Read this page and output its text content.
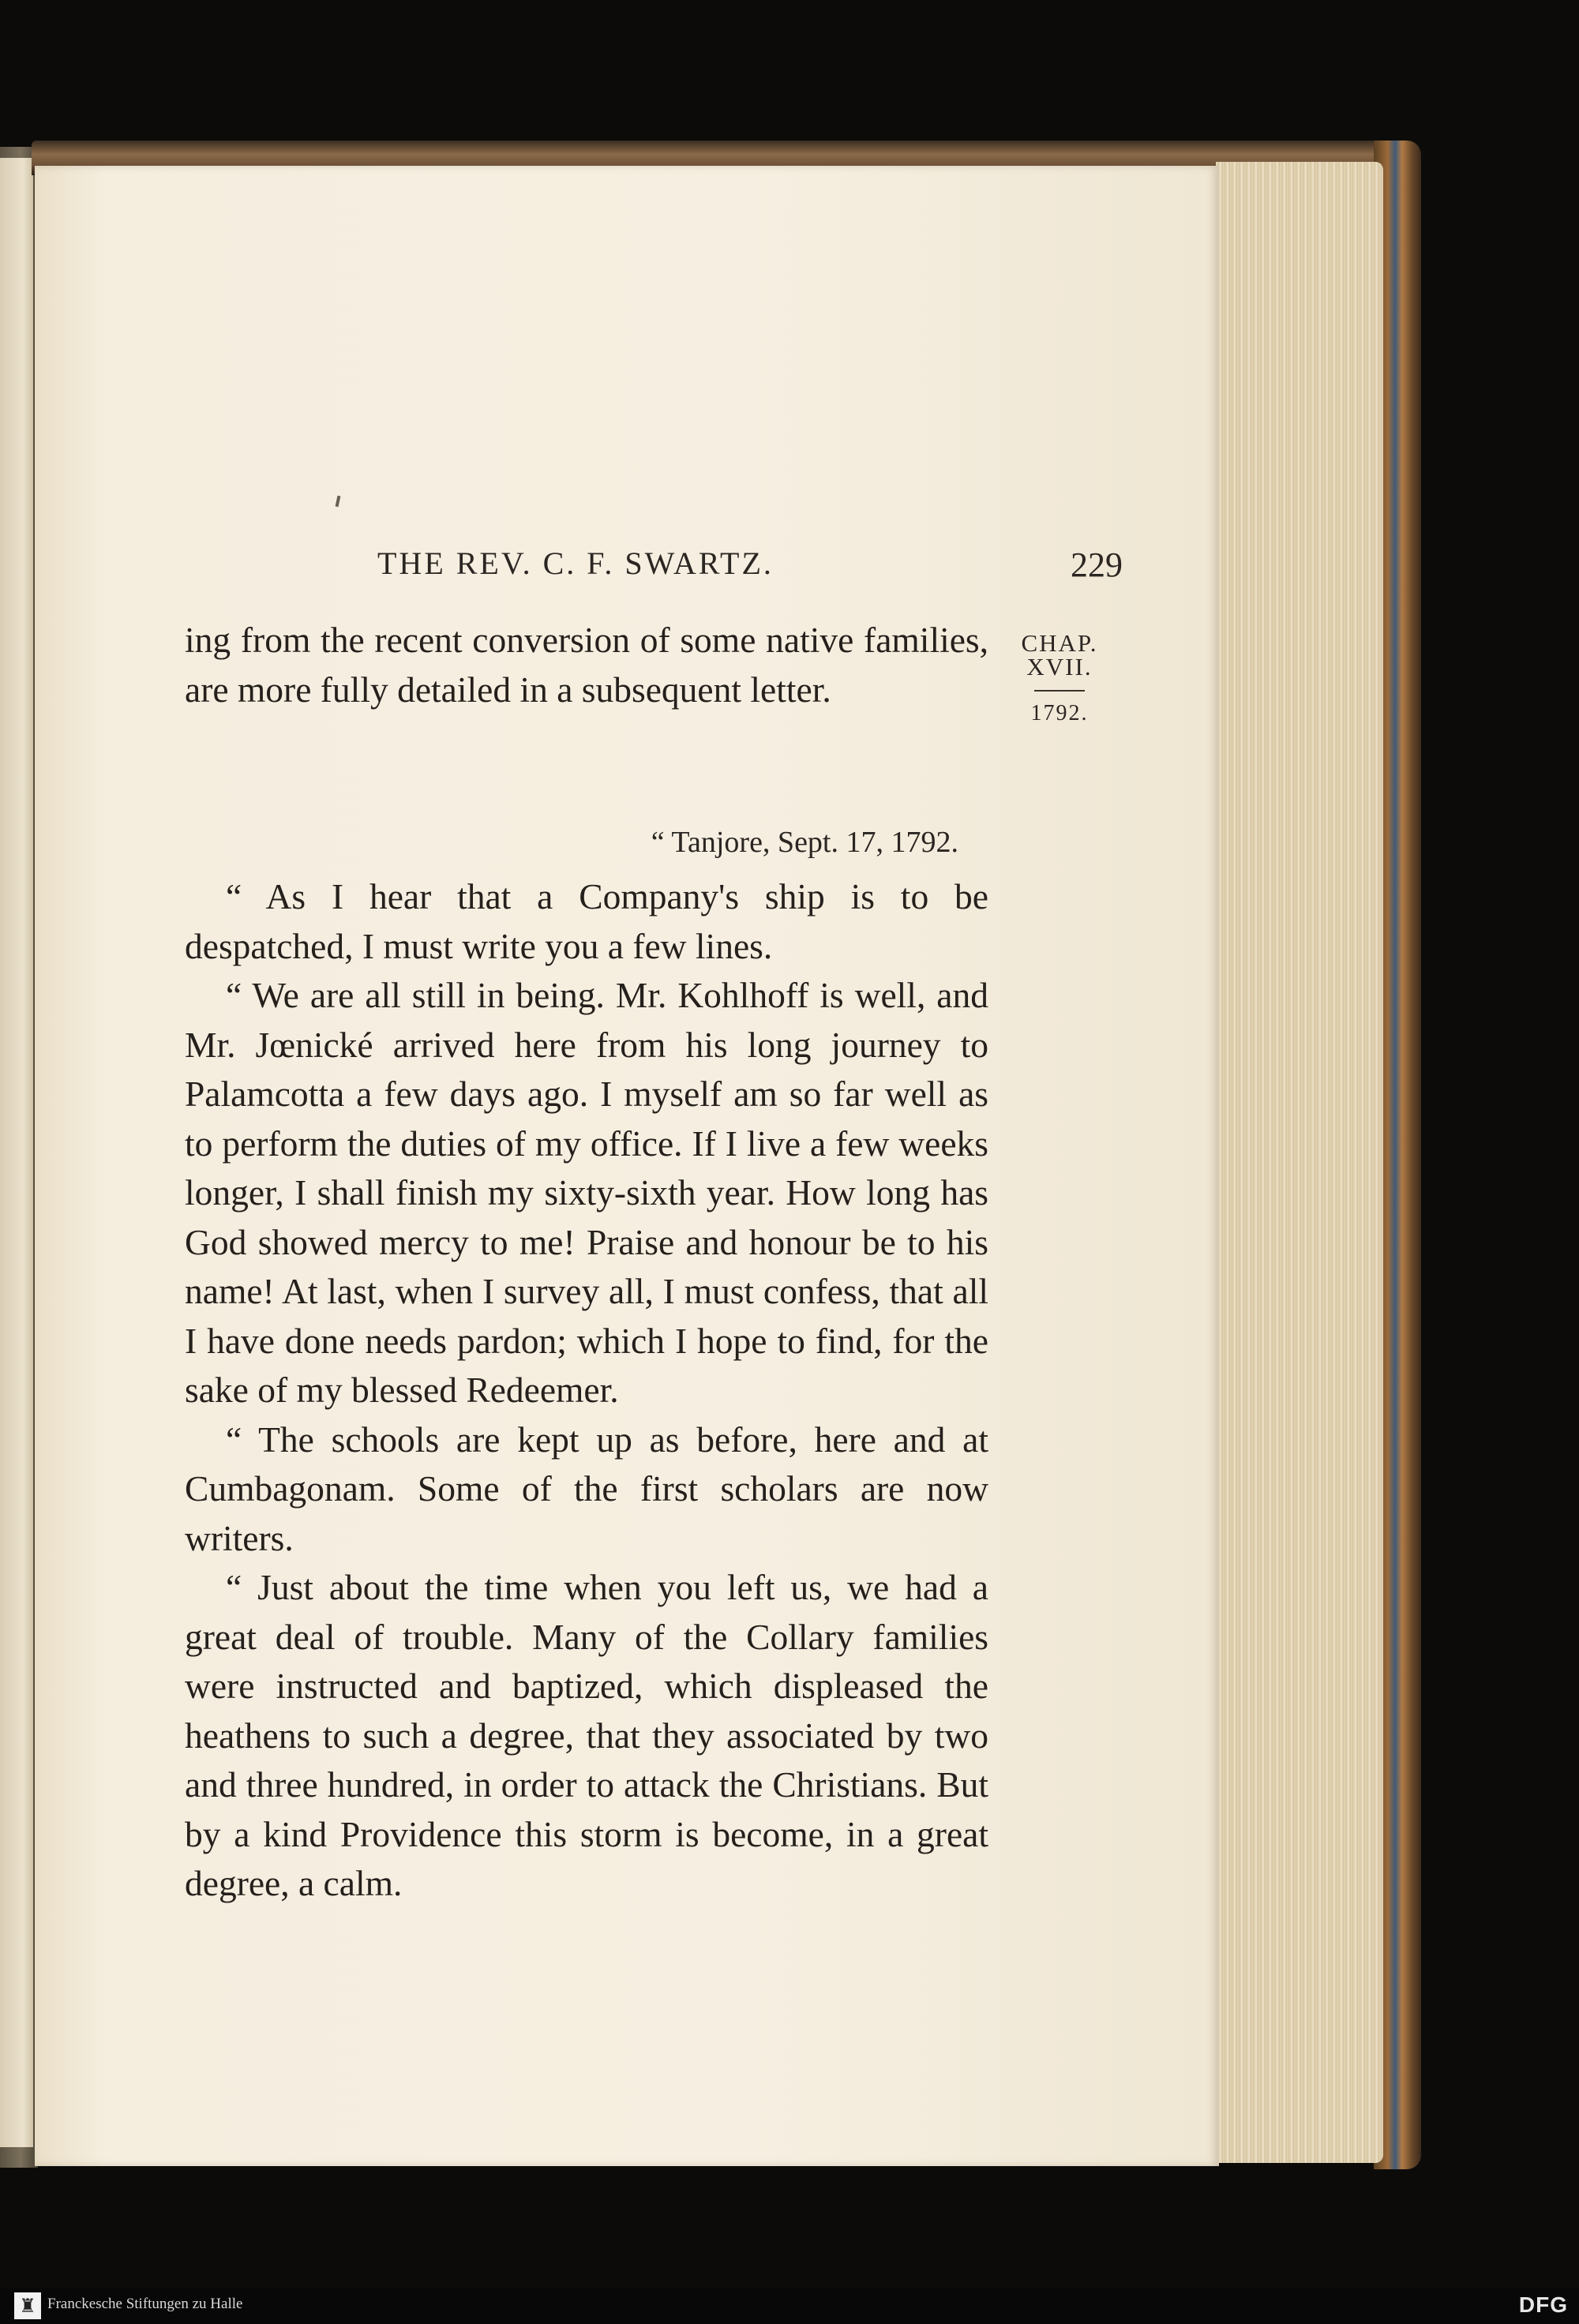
THE REV. C. F. SWARTZ.	229
CHAP.
XVII.
1792.

ing from the recent conversion of some native families, are more fully detailed in a subsequent letter.

“ Tanjore, Sept. 17, 1792.

“ As I hear that a Company's ship is to be despatched, I must write you a few lines.

“ We are all still in being. Mr. Kohlhoff is well, and Mr. Jœnické arrived here from his long journey to Palamcotta a few days ago. I myself am so far well as to perform the duties of my office. If I live a few weeks longer, I shall finish my sixty-sixth year. How long has God showed mercy to me! Praise and honour be to his name! At last, when I survey all, I must confess, that all I have done needs pardon; which I hope to find, for the sake of my blessed Redeemer.

“ The schools are kept up as before, here and at Cumbagonam. Some of the first scholars are now writers.

“ Just about the time when you left us, we had a great deal of trouble. Many of the Collary families were instructed and baptized, which displeased the heathens to such a degree, that they associated by two and three hundred, in order to attack the Christians. But by a kind Providence this storm is become, in a great degree, a calm.

♜ Franckesche Stiftungen zu Halle	DFG
